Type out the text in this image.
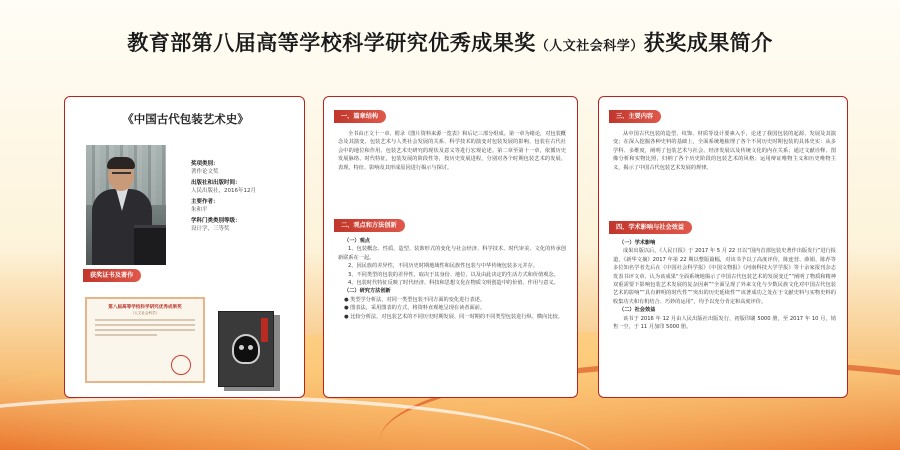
教育部第八届高等学校科学研究优秀成果奖（人文社会科学）获奖成果简介
《中国古代包装艺术史》
奖项类别：
著作论文奖
出版社和出版时间：
人民出版社，2016年12月
主要作者：
朱和平
学科门类类别等级：
设计学，三等奖
获奖证书及著作
第八届高等学校科学研究优秀成果奖
（人文社会科学）
一、篇章结构

全书由正文十一章、附录《图片资料来源一览表》和后记三部分组成。第一章为绪论，对包装概念及其演变、包装艺术与人类社会发展的关系、科学技术的演变对包装发展的影响、包装在古代社会中的地位和作用、包装艺术史研究的现状及意义等进行宏观论述。第二章至第十一章，依循历史发展脉络、时代特征，包装发展的阶段性等，按历史发展进程，分别对各个时期包装艺术的发展、表现、特征、影响及其形成原因进行揭示与探讨。

二、观点和方法创新

（一）观点

1、包装概念、性质、造型、装饰形式的变化与社会经济、科学技术、时代审美、文化的传承创新联系在一起。

2、因民族的差异性，不同历史时期地域性和民族性包装与中华传统包装多元并存。

3、不同类型的包装的差异性，取决于其身份、地位，以及由此决定的生活方式和价值观念。

4、包装时代特征反映了时代经济、科技和思想文化在物质文明创造中的价值、作用与意义。

（二）研究方法创新

● 类型学分析法，对同一类型包装不同方面的变化进行表述。

● 图表法，采用图表的方式，将资料直观地呈现在读者面前。

● 比较分析法，对包装艺术的不同历史时期发展、同一时期的不同类型包装进行纵、横向比较。

三、主要内容

从中国古代包装的造型、纹饰、材质等设计要素入手，论述了我国包装的起源、发展及其演变；在深入挖掘各种史料的基础上，全面系统地梳理了各个不同历史时期包装的具体史实：从多学科、多维度，阐明了包装艺术与社会、经济发展以及传统文化的内在关系；通过文献诠释、图像分析和实物比照，归纳了各个历史阶段的包装艺术的风格；运用辩证唯物主义和历史唯物主义，揭示了中国古代包装艺术发展的规律。

四、学术影响与社会效益

（一）学术影响

成果出版以后，《人民日报》于 2017 年 5 月 22 日以“国内首部包装史著作出版发行”进行报道，《新华文摘》2017 年第 22 期以整版篇幅，对该书予以了高度评价，陈连营、薛娟、陈荐等多位知名学者先后在《中国社会科学报》《中国文物报》《河南科技大学学报》等十余家报刊杂志发表书评文章。认为该成果“全面系统地揭示了中国古代包装艺术的发展变迁”“阐明了物质和精神双重需要下影响包装艺术发展的复杂因素”“全面呈现了外来文化与少数民族文化对中国古代包装艺术的影响”“具有鲜明的时代性”“突出的历史延续性”“该著成功之处在于文献史料与实物史料的收集功夫和有机结合、巧妙的运用”，均予以充分肯定和高度评价。

（二）社会效益

该书于 2016 年 12 月由人民出版社出版发行，初版印刷 5000 册，至 2017 年 10 月，销售一空，于 11 月加印 5000 册。
